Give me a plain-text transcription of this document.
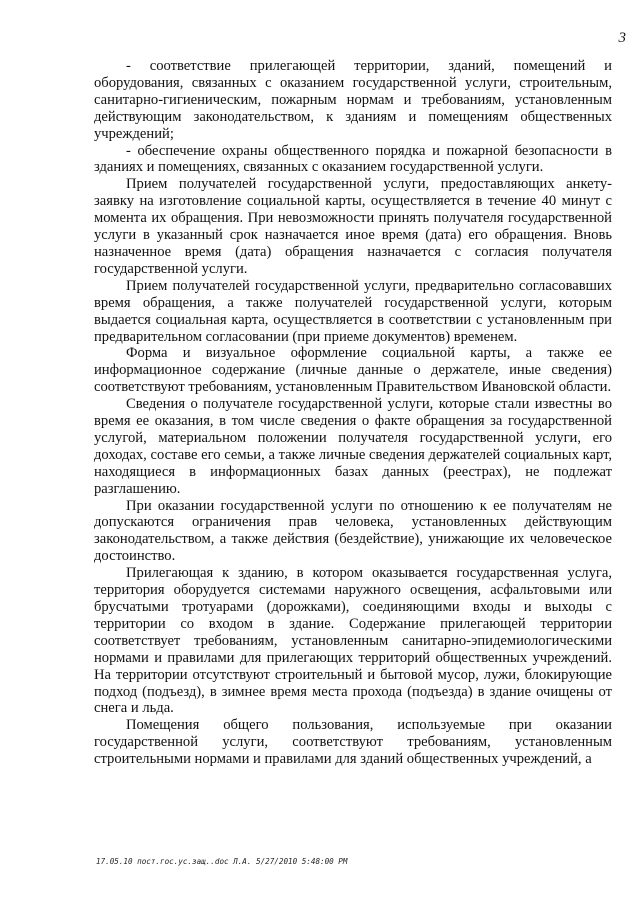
3

- соответствие прилегающей территории, зданий, помещений и оборудования, связанных с оказанием государственной услуги, строительным, санитарно-гигиеническим, пожарным нормам и требованиям, установленным действующим законодательством, к зданиям и помещениям общественных учреждений;

- обеспечение охраны общественного порядка и пожарной безопасности в зданиях и помещениях, связанных с оказанием государственной услуги.

Прием получателей государственной услуги, предоставляющих анкету-заявку на изготовление социальной карты, осуществляется в течение 40 минут с момента их обращения. При невозможности принять получателя государственной услуги в указанный срок назначается иное время (дата) его обращения. Вновь назначенное время (дата) обращения назначается с согласия получателя государственной услуги.

Прием получателей государственной услуги, предварительно согласовавших время обращения, а также получателей государственной услуги, которым выдается социальная карта, осуществляется в соответствии с установленным при предварительном согласовании (при приеме документов) временем.

Форма и визуальное оформление социальной карты, а также ее информационное содержание (личные данные о держателе, иные сведения) соответствуют требованиям, установленным Правительством Ивановской области.

Сведения о получателе государственной услуги, которые стали известны во время ее оказания, в том числе сведения о факте обращения за государственной услугой, материальном положении получателя государственной услуги, его доходах, составе его семьи, а также личные сведения держателей социальных карт, находящиеся в информационных базах данных (реестрах), не подлежат разглашению.

При оказании государственной услуги по отношению к ее получателям не допускаются ограничения прав человека, установленных действующим законодательством, а также действия (бездействие), унижающие их человеческое достоинство.

Прилегающая к зданию, в котором оказывается государственная услуга, территория оборудуется системами наружного освещения, асфальтовыми или брусчатыми тротуарами (дорожками), соединяющими входы и выходы с территории со входом в здание. Содержание прилегающей территории соответствует требованиям, установленным санитарно-эпидемиологическими нормами и правилами для прилегающих территорий общественных учреждений. На территории отсутствуют строительный и бытовой мусор, лужи, блокирующие подход (подъезд), в зимнее время места прохода (подъезда) в здание очищены от снега и льда.

Помещения общего пользования, используемые при оказании государственной услуги, соответствуют требованиям, установленным строительными нормами и правилами для зданий общественных учреждений, а

17.05.10 пост.гос.ус.защ..doc Л.А. 5/27/2010 5:48:00 PM
